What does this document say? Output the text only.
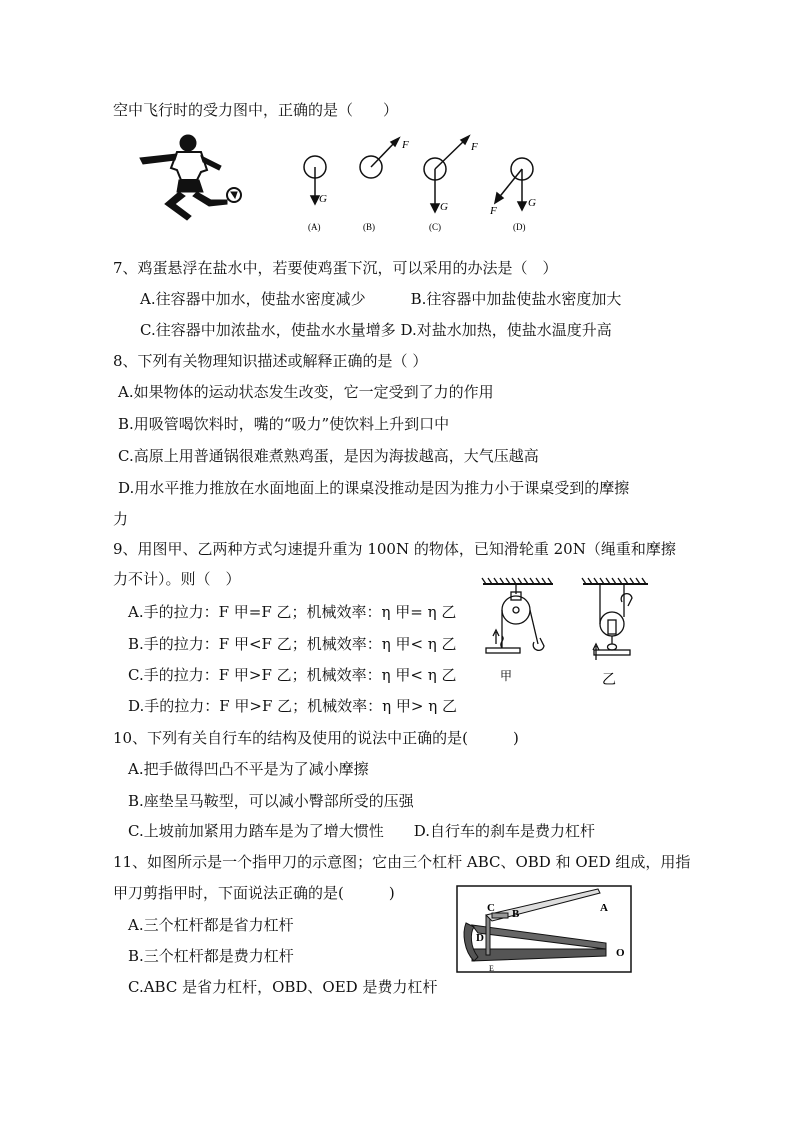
空中飞行时的受力图中，正确的是（　　）
G
(A)
F
(B)
F
G
(C)
G
F
(D)
7、鸡蛋悬浮在盐水中，若要使鸡蛋下沉，可以采用的办法是（　）
A.往容器中加水，使盐水密度减少　　　B.往容器中加盐使盐水密度加大
C.往容器中加浓盐水，使盐水水量增多 D.对盐水加热，使盐水温度升高
8、下列有关物理知识描述或解释正确的是（ ）
A.如果物体的运动状态发生改变，它一定受到了力的作用
B.用吸管喝饮料时，嘴的“吸力”使饮料上升到口中
C.高原上用普通锅很难煮熟鸡蛋，是因为海拔越高，大气压越高
D.用水平推力推放在水面地面上的课桌没推动是因为推力小于课桌受到的摩擦
力
9、用图甲、乙两种方式匀速提升重为 100N 的物体，已知滑轮重 20N（绳重和摩擦
力不计）。则（　）
A.手的拉力：F 甲=F 乙；机械效率：η 甲= η 乙
B.手的拉力：F 甲<F 乙；机械效率：η 甲< η 乙
C.手的拉力：F 甲>F 乙；机械效率：η 甲< η 乙
D.手的拉力：F 甲>F 乙；机械效率：η 甲> η 乙
甲	乙
10、下列有关自行车的结构及使用的说法中正确的是(　　　)
A.把手做得凹凸不平是为了减小摩擦
B.座垫呈马鞍型，可以减小臀部所受的压强
C.上坡前加紧用力踏车是为了增大惯性　　D.自行车的刹车是费力杠杆
11、如图所示是一个指甲刀的示意图；它由三个杠杆 ABC、OBD 和 OED 组成，用指
甲刀剪指甲时，下面说法正确的是(　　　)
A.三个杠杆都是省力杠杆
B.三个杠杆都是费力杠杆
C.ABC 是省力杠杆，OBD、OED 是费力杠杆
C B	A
D
O
E
